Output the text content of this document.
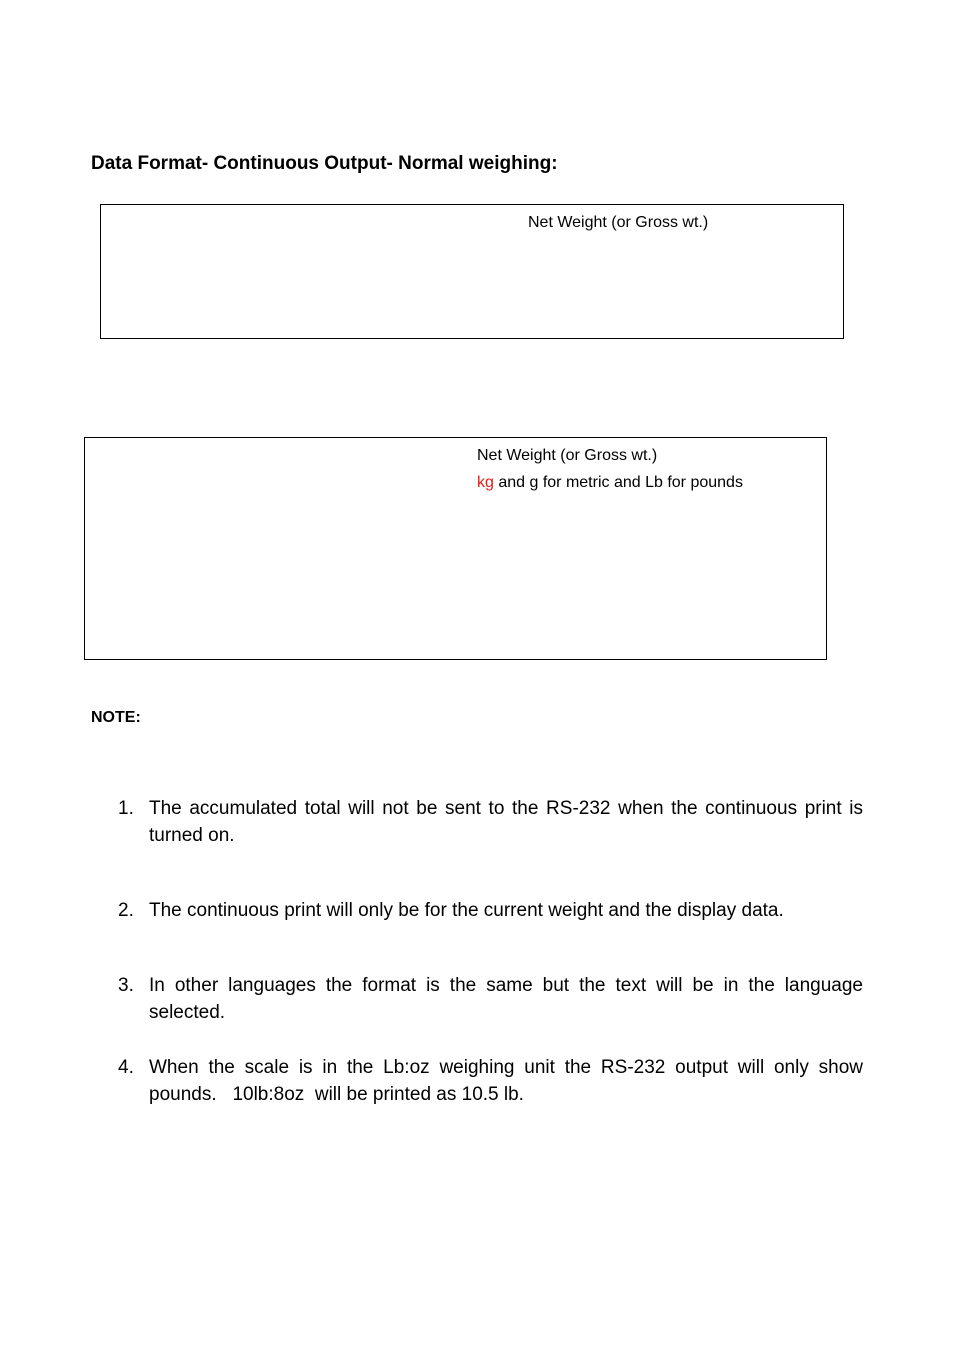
Data Format- Continuous Output- Normal weighing:
Net Weight (or Gross wt.)
Net Weight (or Gross wt.)
kg and g for metric and Lb for pounds
NOTE:
1. The accumulated total will not be sent to the RS-232 when the continuous print is turned on.
2. The continuous print will only be for the current weight and the display data.
3. In other languages the format is the same but the text will be in the language selected.
4. When the scale is in the Lb:oz weighing unit the RS-232 output will only show pounds.   10lb:8oz  will be printed as 10.5 lb.
